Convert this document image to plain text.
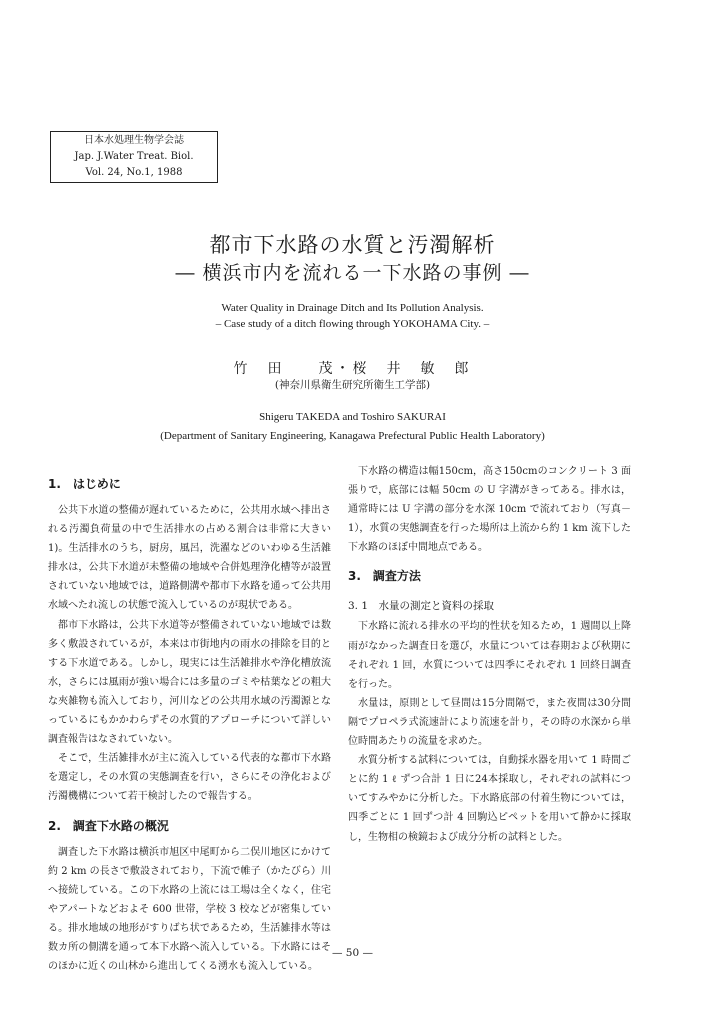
日本水処理生物学会誌
Jap. J.Water Treat. Biol.
Vol. 24, No.1, 1988
都市下水路の水質と汚濁解析
― 横浜市内を流れる一下水路の事例 ―
Water Quality in Drainage Ditch and Its Pollution Analysis.
– Case study of a ditch flowing through YOKOHAMA City. –
竹　田　　茂・桜　井　敏　郎
(神奈川県衛生研究所衛生工学部)
Shigeru TAKEDA and Toshiro SAKURAI
(Department of Sanitary Engineering, Kanagawa Prefectural Public Health Laboratory)
1.　はじめに

公共下水道の整備が遅れているために，公共用水域へ排出される汚濁負荷量の中で生活排水の占める割合は非常に大きい1)。生活排水のうち，厨房，風呂，洗濯などのいわゆる生活雑排水は，公共下水道が未整備の地域や合併処理浄化槽等が設置されていない地域では，道路側溝や都市下水路を通って公共用水域へたれ流しの状態で流入しているのが現状である。

都市下水路は，公共下水道等が整備されていない地域では数多く敷設されているが，本来は市街地内の雨水の排除を目的とする下水道である。しかし，現実には生活雑排水や浄化槽放流水，さらには風雨が強い場合には多量のゴミや枯葉などの粗大な夾雑物も流入しており，河川などの公共用水域の汚濁源となっているにもかかわらずその水質的アプローチについて詳しい調査報告はなされていない。

そこで，生活雑排水が主に流入している代表的な都市下水路を選定し，その水質の実態調査を行い，さらにその浄化および汚濁機構について若干検討したので報告する。

2.　調査下水路の概況

調査した下水路は横浜市旭区中尾町から二俣川地区にかけて約 2 km の長さで敷設されており，下流で帷子（かたびら）川へ接続している。この下水路の上流には工場は全くなく，住宅やアパートなどおよそ 600 世帯，学校 3 校などが密集している。排水地域の地形がすりばち状であるため，生活雑排水等は数カ所の側溝を通って本下水路へ流入している。下水路にはそのほかに近くの山林から進出してくる湧水も流入している。

下水路の構造は幅150cm，高さ150cmのコンクリート 3 面張りで，底部には幅 50cm の U 字溝がきってある。排水は，通常時には U 字溝の部分を水深 10cm で流れており（写真－1），水質の実態調査を行った場所は上流から約 1 km 流下した下水路のほぼ中間地点である。

3.　調査方法
3. 1　水量の測定と資料の採取

下水路に流れる排水の平均的性状を知るため，1 週間以上降雨がなかった調査日を選び，水量については春期および秋期にそれぞれ 1 回，水質については四季にそれぞれ 1 回終日調査を行った。

水量は，原則として昼間は15分間隔で，また夜間は30分間隔でプロペラ式流速計により流速を計り，その時の水深から単位時間あたりの流量を求めた。

水質分析する試料については，自動採水器を用いて 1 時間ごとに約 1 ℓ ずつ合計 1 日に24本採取し，それぞれの試料についてすみやかに分析した。下水路底部の付着生物については，四季ごとに 1 回ずつ計 4 回駒込ピペットを用いて静かに採取し，生物相の検鏡および成分分析の試料とした。

— 50 —
